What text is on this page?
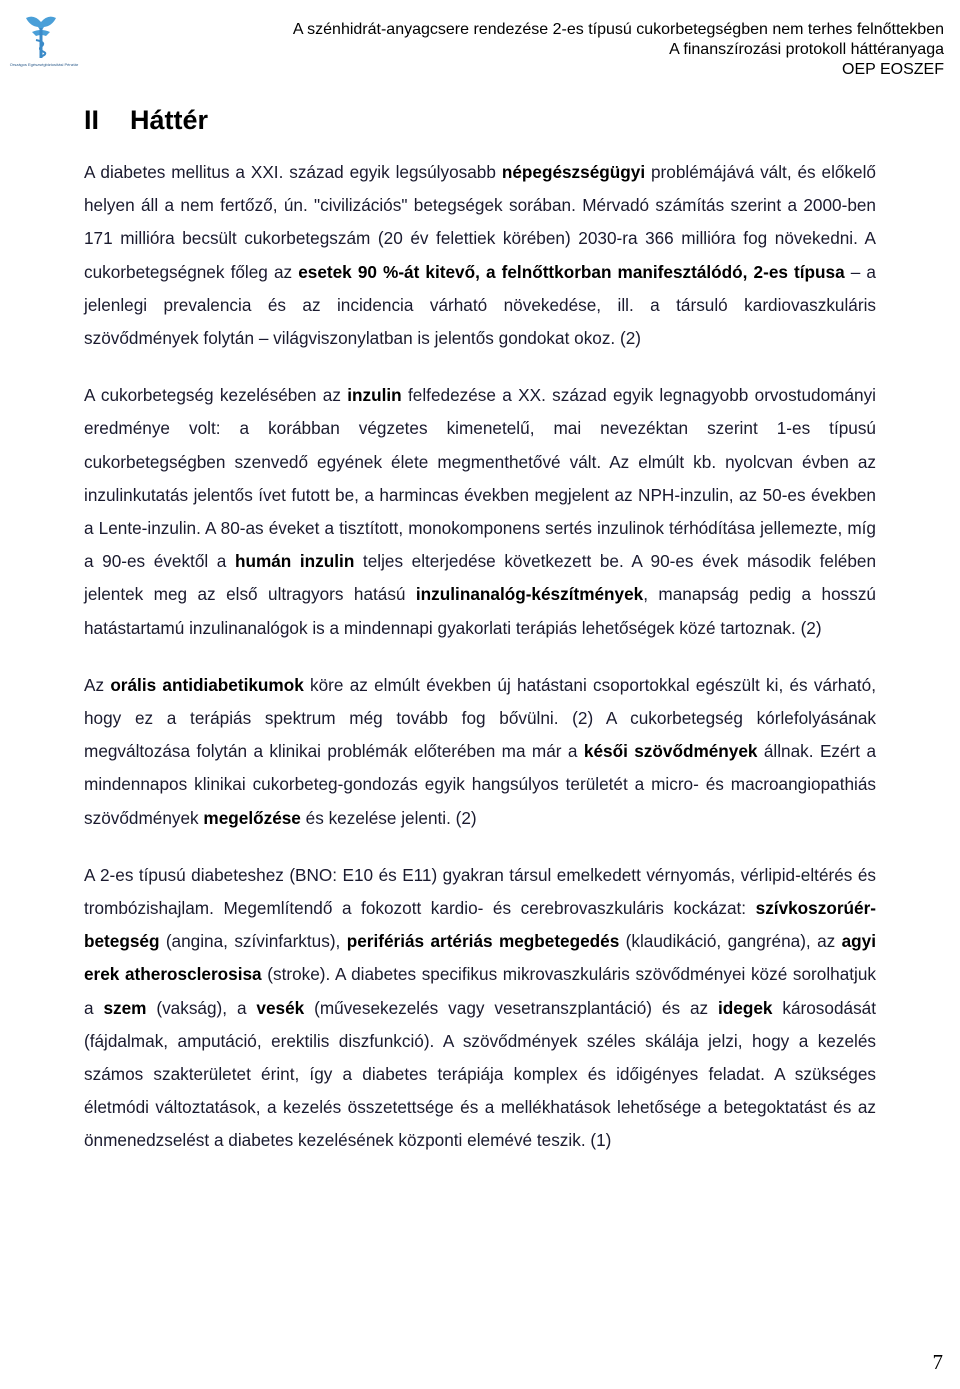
Országos Egészségbiztosítási Pénztár
A szénhidrát-anyagcsere rendezése 2-es típusú cukorbetegségben nem terhes felnőttekben
A finanszírozási protokoll háttéranyaga
OEP EOSZEF
II Háttér

A diabetes mellitus a XXI. század egyik legsúlyosabb népegészségügyi problémájává vált, és előkelő helyen áll a nem fertőző, ún. "civilizációs" betegségek sorában. Mérvadó számítás szerint a 2000-ben 171 millióra becsült cukorbetegszám (20 év felettiek körében) 2030-ra 366 millióra fog növekedni. A cukorbetegségnek főleg az esetek 90 %-át kitevő, a felnőttkorban manifesztálódó, 2-es típusa – a jelenlegi prevalencia és az incidencia várható növekedése, ill. a társuló kardiovaszkuláris szövődmények folytán – világviszonylatban is jelentős gondokat okoz. (2)

A cukorbetegség kezelésében az inzulin felfedezése a XX. század egyik legnagyobb orvostudományi eredménye volt: a korábban végzetes kimenetelű, mai nevezéktan szerint 1-es típusú cukorbetegségben szenvedő egyének élete megmenthetővé vált. Az elmúlt kb. nyolcvan évben az inzulinkutatás jelentős ívet futott be, a harmincas években megjelent az NPH-inzulin, az 50-es években a Lente-inzulin. A 80-as éveket a tisztított, monokomponens sertés inzulinok térhódítása jellemezte, míg a 90-es évektől a humán inzulin teljes elterjedése következett be. A 90-es évek második felében jelentek meg az első ultragyors hatású inzulinanalóg-készítmények, manapság pedig a hosszú hatástartamú inzulinanalógok is a mindennapi gyakorlati terápiás lehetőségek közé tartoznak. (2)

Az orális antidiabetikumok köre az elmúlt években új hatástani csoportokkal egészült ki, és várható, hogy ez a terápiás spektrum még tovább fog bővülni. (2) A cukorbetegség kórlefolyásának megváltozása folytán a klinikai problémák előterében ma már a késői szövődmények állnak. Ezért a mindennapos klinikai cukorbeteg-gondozás egyik hangsúlyos területét a micro- és macroangiopathiás szövődmények megelőzése és kezelése jelenti. (2)

A 2-es típusú diabeteshez (BNO: E10 és E11) gyakran társul emelkedett vérnyomás, vérlipid-eltérés és trombózishajlam. Megemlítendő a fokozott kardio- és cerebrovaszkuláris kockázat: szívkoszorúér-betegség (angina, szívinfarktus), perifériás artériás megbetegedés (klaudikáció, gangréna), az agyi erek atherosclerosisa (stroke). A diabetes specifikus mikrovaszkuláris szövődményei közé sorolhatjuk a szem (vakság), a vesék (művesekezelés vagy vesetranszplantáció) és az idegek károsodását (fájdalmak, amputáció, erektilis diszfunkció). A szövődmények széles skálája jelzi, hogy a kezelés számos szakterületet érint, így a diabetes terápiája komplex és időigényes feladat. A szükséges életmódi változtatások, a kezelés összetettsége és a mellékhatások lehetősége a betegoktatást és az önmenedzselést a diabetes kezelésének központi elemévé teszik. (1)

7
